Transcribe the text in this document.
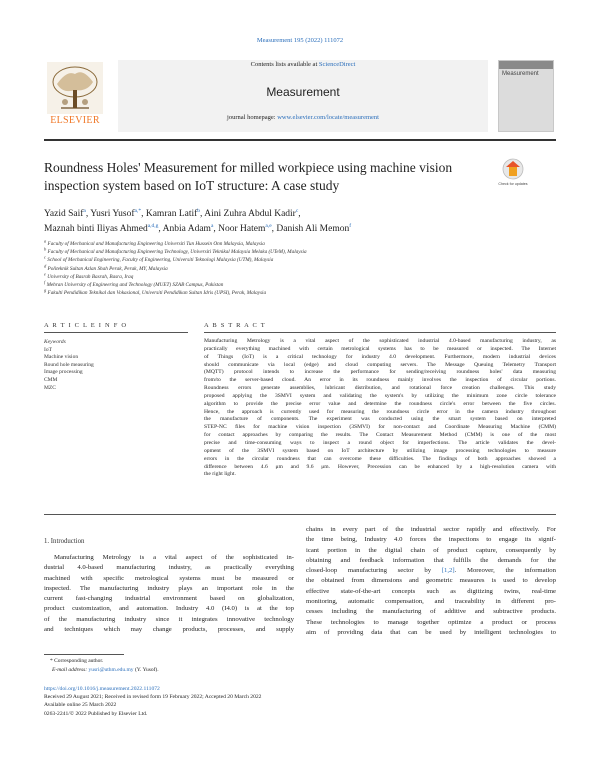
Measurement 195 (2022) 111072
ELSEVIER
Contents lists available at ScienceDirect
Measurement
journal homepage: www.elsevier.com/locate/measurement
Measurement
Roundness Holes' Measurement for milled workpiece using machine vision
inspection system based on IoT structure: A case study	Check for updates
Yazid Saif$^a$, Yusri Yusof$^{a,*}$, Kamran Latif$^b$, Aini Zuhra Abdul Kadir$^c$,
Maznah binti Iliyas Ahmed$^{a,d,g}$, Anbia Adam$^a$, Noor Hatem$^{a,e}$, Danish Ali Memon$^f$
$^a$ Faculty of Mechanical and Manufacturing Engineering Universiti Tun Hussein Onn Malaysia, Malaysia
$^b$ Faculty of Mechanical and Manufacturing Engineering Technology, Universiti Teknikal Malaysia Melaka (UTeM), Malaysia
$^c$ School of Mechanical Engineering, Faculty of Engineering, Universiti Teknologi Malaysia (UTM), Malaysia
$^d$ Politeknik Sultan Azlan Shah Perak, Perak, MY, Malaysia
$^e$ University of Basrah Basrah, Basra, Iraq
$^f$ Mehran University of Engineering and Technology (MUET) SZAB Campus, Pakistan
$^g$ Fakulti Pendidikan Teknikal dan Vokasional, Universiti Pendidikan Sultan Idris (UPSI), Perak, Malaysia
A R T I C L E I N F O	A B S T R A C T
Keywords
IoT
Machine vision
Round hole measuring
Image processing
CMM
MZC
Manufacturing Metrology is a vital aspect of the sophisticated industrial 4.0-based manufacturing industry, as
practically everything machined with certain metrological systems has to be measured or inspected. The Internet
of Things (IoT) is a critical technology for industry 4.0 development. Furthermore, modern industrial devices
should communicate via local (edge) and cloud computing servers. The Message Queuing Telemetry Transport
(MQTT) protocol intends to increase the performance for sending/receiving roundness holes' data measuring
from/to the server-based cloud. An error in its roundness mainly involves the inspection of circular portions.
Roundness errors generate assemblies, lubricant distribution, and rotational force creation challenges. This study
proposed applying the 3SMVI system and validating the system's by utilizing the minimum zone circle tolerance
algorithm to provide the precise error value and determine the roundness circle's error between the five circles.
Hence, the approach is currently used for measuring the roundness circle error in the camera industry throughout
the manufacture of components. The experiment was conducted using the smart system based on interpreted
STEP-NC files for machine vision inspection (3SMVI) for non-contact and Coordinate Measuring Machine (CMM)
for contact approaches by comparing the results. The Contact Measurement Method (CMM) is one of the most
precise and time-consuming ways to inspect a round object for imperfections. The article validates the devel-
opment of the 3SMVI system based on IoT architecture by utilizing image processing technologies to measure
errors in the circular roundness that can overcome these difficulties. The findings of both approaches showed a
difference between 4.6 μm and 9.6 μm. However, Precession can be enhanced by a high-resolution camera with
the right light.
1. Introduction
Manufacturing Metrology is a vital aspect of the sophisticated in-
dustrial 4.0-based manufacturing industry, as practically everything
machined with specific metrological systems must be measured or
inspected. The manufacturing industry plays an important role in the
current fast-changing industrial environment based on globalization,
product customization, and automation. Industry 4.0 (I4.0) is at the top
of the manufacturing industry since it integrates innovative technology
and techniques which may change products, processes, and supply
chains in every part of the industrial sector rapidly and effectively. For
the time being, Industry 4.0 forces the inspections to engage its signif-
icant portion in the digital chain of product capture, consequently by
obtaining and feedback information that fulfills the demands for the
closed-loop manufacturing sector by [1,2]. Moreover, the information
the obtained from dimensions and geometric measures is used to develop
effective state-of-the-art concepts such as digitizing twins, real-time
monitoring, automatic compensation, and traceability in different pro-
cesses including the manufacturing of additive and subtractive products.
These technologies to manage together optimize a product or process
aim of providing data that can be used by intelligent technologies to
* Corresponding author.
E-mail address: yusri@uthm.edu.my (Y. Yusof).
https://doi.org/10.1016/j.measurement.2022.111072
Received 29 August 2021; Received in revised form 19 February 2022; Accepted 20 March 2022
Available online 25 March 2022
0263-2241/© 2022 Published by Elsevier Ltd.
